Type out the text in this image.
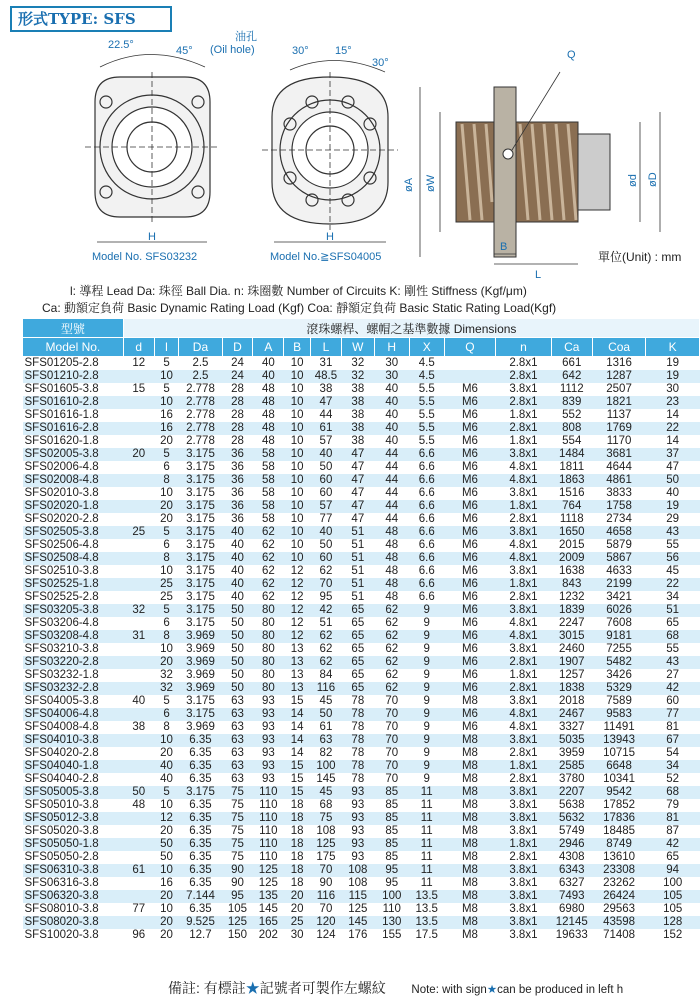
形式TYPE: SFS
22.5°	45°
H
Model No. SFS03232
油孔
(Oil hole)	30° 15°
30°
H
Model No.≧SFS04005
Q
øA øW	ød øD
B
L
單位(Unit) : mm
l: 導程 Lead Da: 珠徑 Ball Dia. n: 珠圈數 Number of Circuits K: 剛性 Stiffness (Kgf/μm)
Ca: 動額定負荷 Basic Dynamic Rating Load (Kgf) Coa: 靜額定負荷 Basic Static Rating Load(Kgf)
型號	滾珠螺桿、螺帽之基準數據 Dimensions														
Model No.	d	l	Da	D	A	B	L	W	H	X	Q	n	Ca	Coa	K
SFS01205-2.8	12	5	2.5	24	40	10	31	32	30	4.5		2.8x1	661	1316	19
SFS01210-2.8		10	2.5	24	40	10	48.5	32	30	4.5		2.8x1	642	1287	19
SFS01605-3.8	15	5	2.778	28	48	10	38	38	40	5.5	M6	3.8x1	1112	2507	30
SFS01610-2.8		10	2.778	28	48	10	47	38	40	5.5	M6	2.8x1	839	1821	23
SFS01616-1.8		16	2.778	28	48	10	44	38	40	5.5	M6	1.8x1	552	1137	14
SFS01616-2.8		16	2.778	28	48	10	61	38	40	5.5	M6	2.8x1	808	1769	22
SFS01620-1.8		20	2.778	28	48	10	57	38	40	5.5	M6	1.8x1	554	1170	14
SFS02005-3.8	20	5	3.175	36	58	10	40	47	44	6.6	M6	3.8x1	1484	3681	37
SFS02006-4.8		6	3.175	36	58	10	50	47	44	6.6	M6	4.8x1	1811	4644	47
SFS02008-4.8		8	3.175	36	58	10	60	47	44	6.6	M6	4.8x1	1863	4861	50
SFS02010-3.8		10	3.175	36	58	10	60	47	44	6.6	M6	3.8x1	1516	3833	40
SFS02020-1.8		20	3.175	36	58	10	57	47	44	6.6	M6	1.8x1	764	1758	19
SFS02020-2.8		20	3.175	36	58	10	77	47	44	6.6	M6	2.8x1	1118	2734	29
SFS02505-3.8	25	5	3.175	40	62	10	40	51	48	6.6	M6	3.8x1	1650	4658	43
SFS02506-4.8		6	3.175	40	62	10	50	51	48	6.6	M6	4.8x1	2015	5879	55
SFS02508-4.8		8	3.175	40	62	10	60	51	48	6.6	M6	4.8x1	2009	5867	56
SFS02510-3.8		10	3.175	40	62	12	62	51	48	6.6	M6	3.8x1	1638	4633	45
SFS02525-1.8		25	3.175	40	62	12	70	51	48	6.6	M6	1.8x1	843	2199	22
SFS02525-2.8		25	3.175	40	62	12	95	51	48	6.6	M6	2.8x1	1232	3421	34
SFS03205-3.8	32	5	3.175	50	80	12	42	65	62	9	M6	3.8x1	1839	6026	51
SFS03206-4.8		6	3.175	50	80	12	51	65	62	9	M6	4.8x1	2247	7608	65
SFS03208-4.8	31	8	3.969	50	80	12	62	65	62	9	M6	4.8x1	3015	9181	68
SFS03210-3.8		10	3.969	50	80	13	62	65	62	9	M6	3.8x1	2460	7255	55
SFS03220-2.8		20	3.969	50	80	13	62	65	62	9	M6	2.8x1	1907	5482	43
SFS03232-1.8		32	3.969	50	80	13	84	65	62	9	M6	1.8x1	1257	3426	27
SFS03232-2.8		32	3.969	50	80	13	116	65	62	9	M6	2.8x1	1838	5329	42
SFS04005-3.8	40	5	3.175	63	93	15	45	78	70	9	M8	3.8x1	2018	7589	60
SFS04006-4.8		6	3.175	63	93	14	50	78	70	9	M6	4.8x1	2467	9583	77
SFS04008-4.8	38	8	3.969	63	93	14	61	78	70	9	M6	4.8x1	3327	11491	81
SFS04010-3.8		10	6.35	63	93	14	63	78	70	9	M8	3.8x1	5035	13943	67
SFS04020-2.8		20	6.35	63	93	14	82	78	70	9	M8	2.8x1	3959	10715	54
SFS04040-1.8		40	6.35	63	93	15	100	78	70	9	M8	1.8x1	2585	6648	34
SFS04040-2.8		40	6.35	63	93	15	145	78	70	9	M8	2.8x1	3780	10341	52
SFS05005-3.8	50	5	3.175	75	110	15	45	93	85	11	M8	3.8x1	2207	9542	68
SFS05010-3.8	48	10	6.35	75	110	18	68	93	85	11	M8	3.8x1	5638	17852	79
SFS05012-3.8		12	6.35	75	110	18	75	93	85	11	M8	3.8x1	5632	17836	81
SFS05020-3.8		20	6.35	75	110	18	108	93	85	11	M8	3.8x1	5749	18485	87
SFS05050-1.8		50	6.35	75	110	18	125	93	85	11	M8	1.8x1	2946	8749	42
SFS05050-2.8		50	6.35	75	110	18	175	93	85	11	M8	2.8x1	4308	13610	65
SFS06310-3.8	61	10	6.35	90	125	18	70	108	95	11	M8	3.8x1	6343	23308	94
SFS06316-3.8		16	6.35	90	125	18	90	108	95	11	M8	3.8x1	6327	23262	100
SFS06320-3.8		20	7.144	95	135	20	116	115	100	13.5	M8	3.8x1	7493	26424	105
SFS08010-3.8	77	10	6.35	105	145	20	70	125	110	13.5	M8	3.8x1	6980	29563	105
SFS08020-3.8		20	9.525	125	165	25	120	145	130	13.5	M8	3.8x1	12145	43598	128
SFS10020-3.8	96	20	12.7	150	202	30	124	176	155	17.5	M8	3.8x1	19633	71408	152
備註: 有標註★記號者可製作左螺紋 Note: with sign★can be produced in left h
